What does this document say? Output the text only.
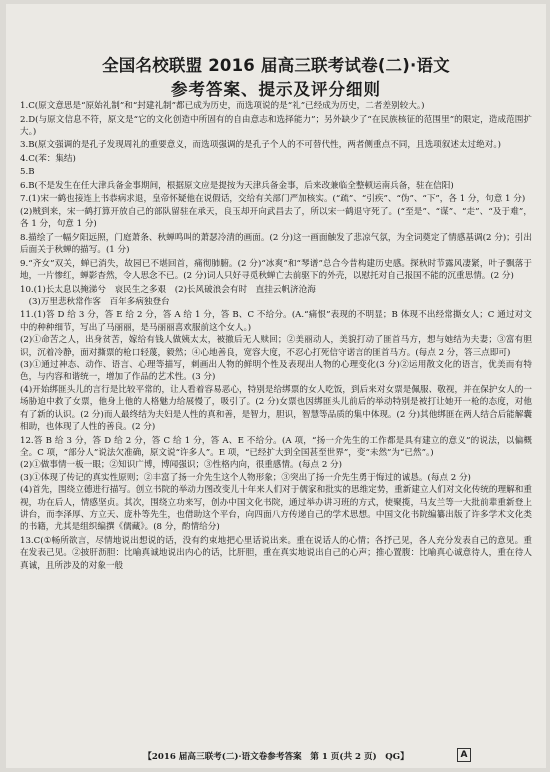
全国名校联盟 2016 届高三联考试卷(二)·语文
参考答案、提示及评分细则

1.C(原文意思是“原始礼制”和“封建礼制”都已成为历史，而选项说的是“礼”已经成为历史，二者差别较大。)

2.D(与原文信息不符，原文是“它的文化创造中所固有的自由意志和选择能力”；另外缺少了“在民族核征的范围里”的限定，造成范围扩大。)

3.B(原文强调的是孔子发现周礼的重要意义，而选项强调的是孔子个人的不可替代性，两者侧重点不同，且选项叙述太过绝对。)

4.C(苯：集结)

5.B

6.B(不是发生在任大津兵备金事期间，根据原文应是提按为天津兵备金事，后来改兼临全整顿运南兵备，驻在信阳)

7.(1)宋一鹤也接连上书恭病求退，皇帝怀疑他在说假话，交给有关部门严加核实。(“疏”、“引疾”、“伪”、“下”，各 1 分，句意 1 分)
(2)贼到来，宋一鹤打算开放自己的部队留驻在承天，良玉却开向武昌去了，所以宋一鹤退守死了。(“至是”、“谋”、“走”、“及于难”，各 1 分，句意 1 分)

8.描绘了一幅夕阳远照，门庭萧条、秋蝉鸣叫的萧瑟冷清的画面。(2 分)这一画面触发了悲凉气氛，为全词奠定了情感基调(2 分)；引出后面关于秋蝉的描写。(1 分)

9.“齐女”双关，蝉已消失，故园已不堪回首，痛彻肺腑。(2 分)“冰爽”和“琴谱”总合今昔构建历史感。探秋时节露风凄紧，叶子飘落于地，一片惨红，蝉影杳然，令人思念不已。(2 分)词人只好寻觅秋蝉亡去前驱下的外壳，以慰托对自己报国不能的沉重思情。(2 分)

10.(1)长太息以掩涕兮　哀民生之多艰　(2)长风破浪会有时　直挂云帆济沧海
　(3)万里悲秋常作客　百年多病独登台

11.(1)答 D 给 3 分，答 E 给 2 分，答 A 给 1 分，答 B、C 不给分。(A.“痛恨”表现的不明显；B 体现不出经常撕女人；C 通过对文中的种种细节，写出了马丽丽，是马丽丽喜欢服前这个女人。)
(2)①命苦之人，出身贫苦，嫁给有钱人做姨太太，被撤后无人赎回；②美丽动人，美貌打动了匪首马方，想与她结为夫妻；③富有胆识，沉着冷静，面对撕票的枪口轻蔑，毅然；④心地善良，宽容大度，不忍心打死信守诺言的匪首马方。(每点 2 分，答三点即可)
(3)①通过神态、动作、语言、心理等描写，刺画出人物的鲜明个性及表现出人物的心理变化(3 分)②运用散文化的语言，优美而有特色，与内容和谐统一，增加了作品的艺术性。(3 分)
(4)开始绑匪头儿的言行是比较平常的，让人看着容易恶心，特别是给绑票的女人吃饭，到后来对女票是佩服、敬视，并在保护女人的一场胁迫中救了女票，他身上他的人格魅力给展慢了，吸引了。(2 分)女票也因绑匪头儿前后的举动特别是被打让她开一枪的态度，对他有了新的认识。(2 分)而人最终结为夫妇是人性的真和善，是智力，胆识，智慧等品质的集中体现。(2 分)其他绑匪在两人结合后能解囊相助，也体现了人性的善良。(2 分)

12.答 B 给 3 分，答 D 给 2 分，答 C 给 1 分，答 A、E 不给分。(A 项，“扬一介先生的工作都是具有建立的意义”的说法，以偏概全。C 项，“部分人”说法欠准确，原文说“许多人”。E 项，“已经扩大到全国甚至世界”，变“未然”为“已然”。)
(2)①做事情一板一眼；②知识广博，博闻强识；③性格内向，很重感情。(每点 2 分)
(3)①体现了传记的真实性原则；②丰富了扬一介先生这个人物形象；③突出了扬一介先生勇于悔过的诚恳。(每点 2 分)
(4)首先，围绕立德进行描写。创立书院的举动力图改变儿十年来人们对于儒家和批实的思维定势，重新建立人们对文化传统的理解和重视，功在后人，情感坚贞。其次，围绕立功来写，创办中国文化书院，通过举办讲习班的方式，使聚揽，马友兰等一大批前辈重新登上讲台，而李泽厚、方立天、庞朴等先生，也借助这个平台，向四面八方传递自己的学术思想。中国文化书院编纂出版了许多学术文化类的书籍，尤其是组织编撰《儒藏》。(8 分，酌情给分)

13.C(①畅所欲言，尽情地说出想说的话，没有约束地把心里话说出来。重在说话人的心情；各抒己见，各人充分发表自己的意见。重在发表己见。②披肝沥胆：比喻真诚地说出内心的话，比肝胆，重在真实地说出自己的心声；推心置腹：比喻真心诚意待人，重在待人真诚，且所涉及的对象一般

【2016 届高三联考(二)·语文卷参考答案　第 1 页(共 2 页)　QG】	A
